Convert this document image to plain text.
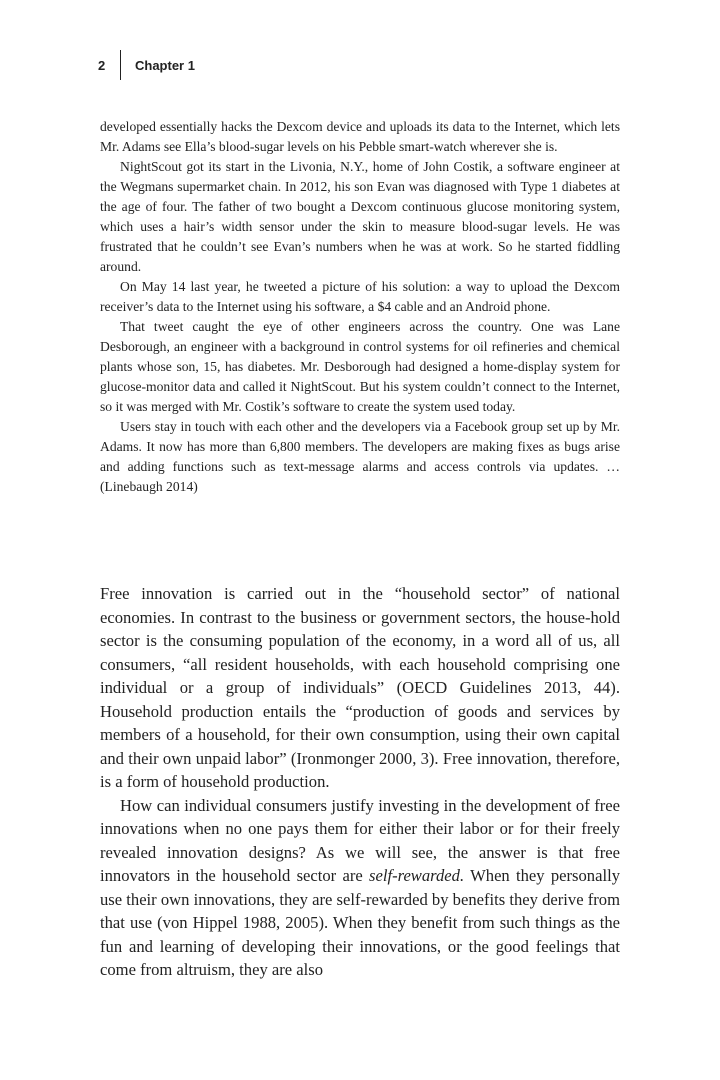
2	Chapter 1

developed essentially hacks the Dexcom device and uploads its data to the Internet, which lets Mr. Adams see Ella’s blood-sugar levels on his Pebble smart-watch wherever she is.

NightScout got its start in the Livonia, N.Y., home of John Costik, a software engineer at the Wegmans supermarket chain. In 2012, his son Evan was diagnosed with Type 1 diabetes at the age of four. The father of two bought a Dexcom continuous glucose monitoring system, which uses a hair’s width sensor under the skin to measure blood-sugar levels. He was frustrated that he couldn’t see Evan’s numbers when he was at work. So he started fiddling around.

On May 14 last year, he tweeted a picture of his solution: a way to upload the Dexcom receiver’s data to the Internet using his software, a $4 cable and an Android phone.

That tweet caught the eye of other engineers across the country. One was Lane Desborough, an engineer with a background in control systems for oil refineries and chemical plants whose son, 15, has diabetes. Mr. Desborough had designed a home-display system for glucose-monitor data and called it NightScout. But his system couldn’t connect to the Internet, so it was merged with Mr. Costik’s software to create the system used today.

Users stay in touch with each other and the developers via a Facebook group set up by Mr. Adams. It now has more than 6,800 members. The developers are making fixes as bugs arise and adding functions such as text-message alarms and access controls via updates. … (Linebaugh 2014)

Free innovation is carried out in the “household sector” of national economies. In contrast to the business or government sectors, the house-hold sector is the consuming population of the economy, in a word all of us, all consumers, “all resident households, with each household comprising one individual or a group of individuals” (OECD Guidelines 2013, 44). Household production entails the “production of goods and services by members of a household, for their own consumption, using their own capital and their own unpaid labor” (Ironmonger 2000, 3). Free innovation, therefore, is a form of household production.

How can individual consumers justify investing in the development of free innovations when no one pays them for either their labor or for their freely revealed innovation designs? As we will see, the answer is that free innovators in the household sector are self-rewarded. When they personally use their own innovations, they are self-rewarded by benefits they derive from that use (von Hippel 1988, 2005). When they benefit from such things as the fun and learning of developing their innovations, or the good feelings that come from altruism, they are also
